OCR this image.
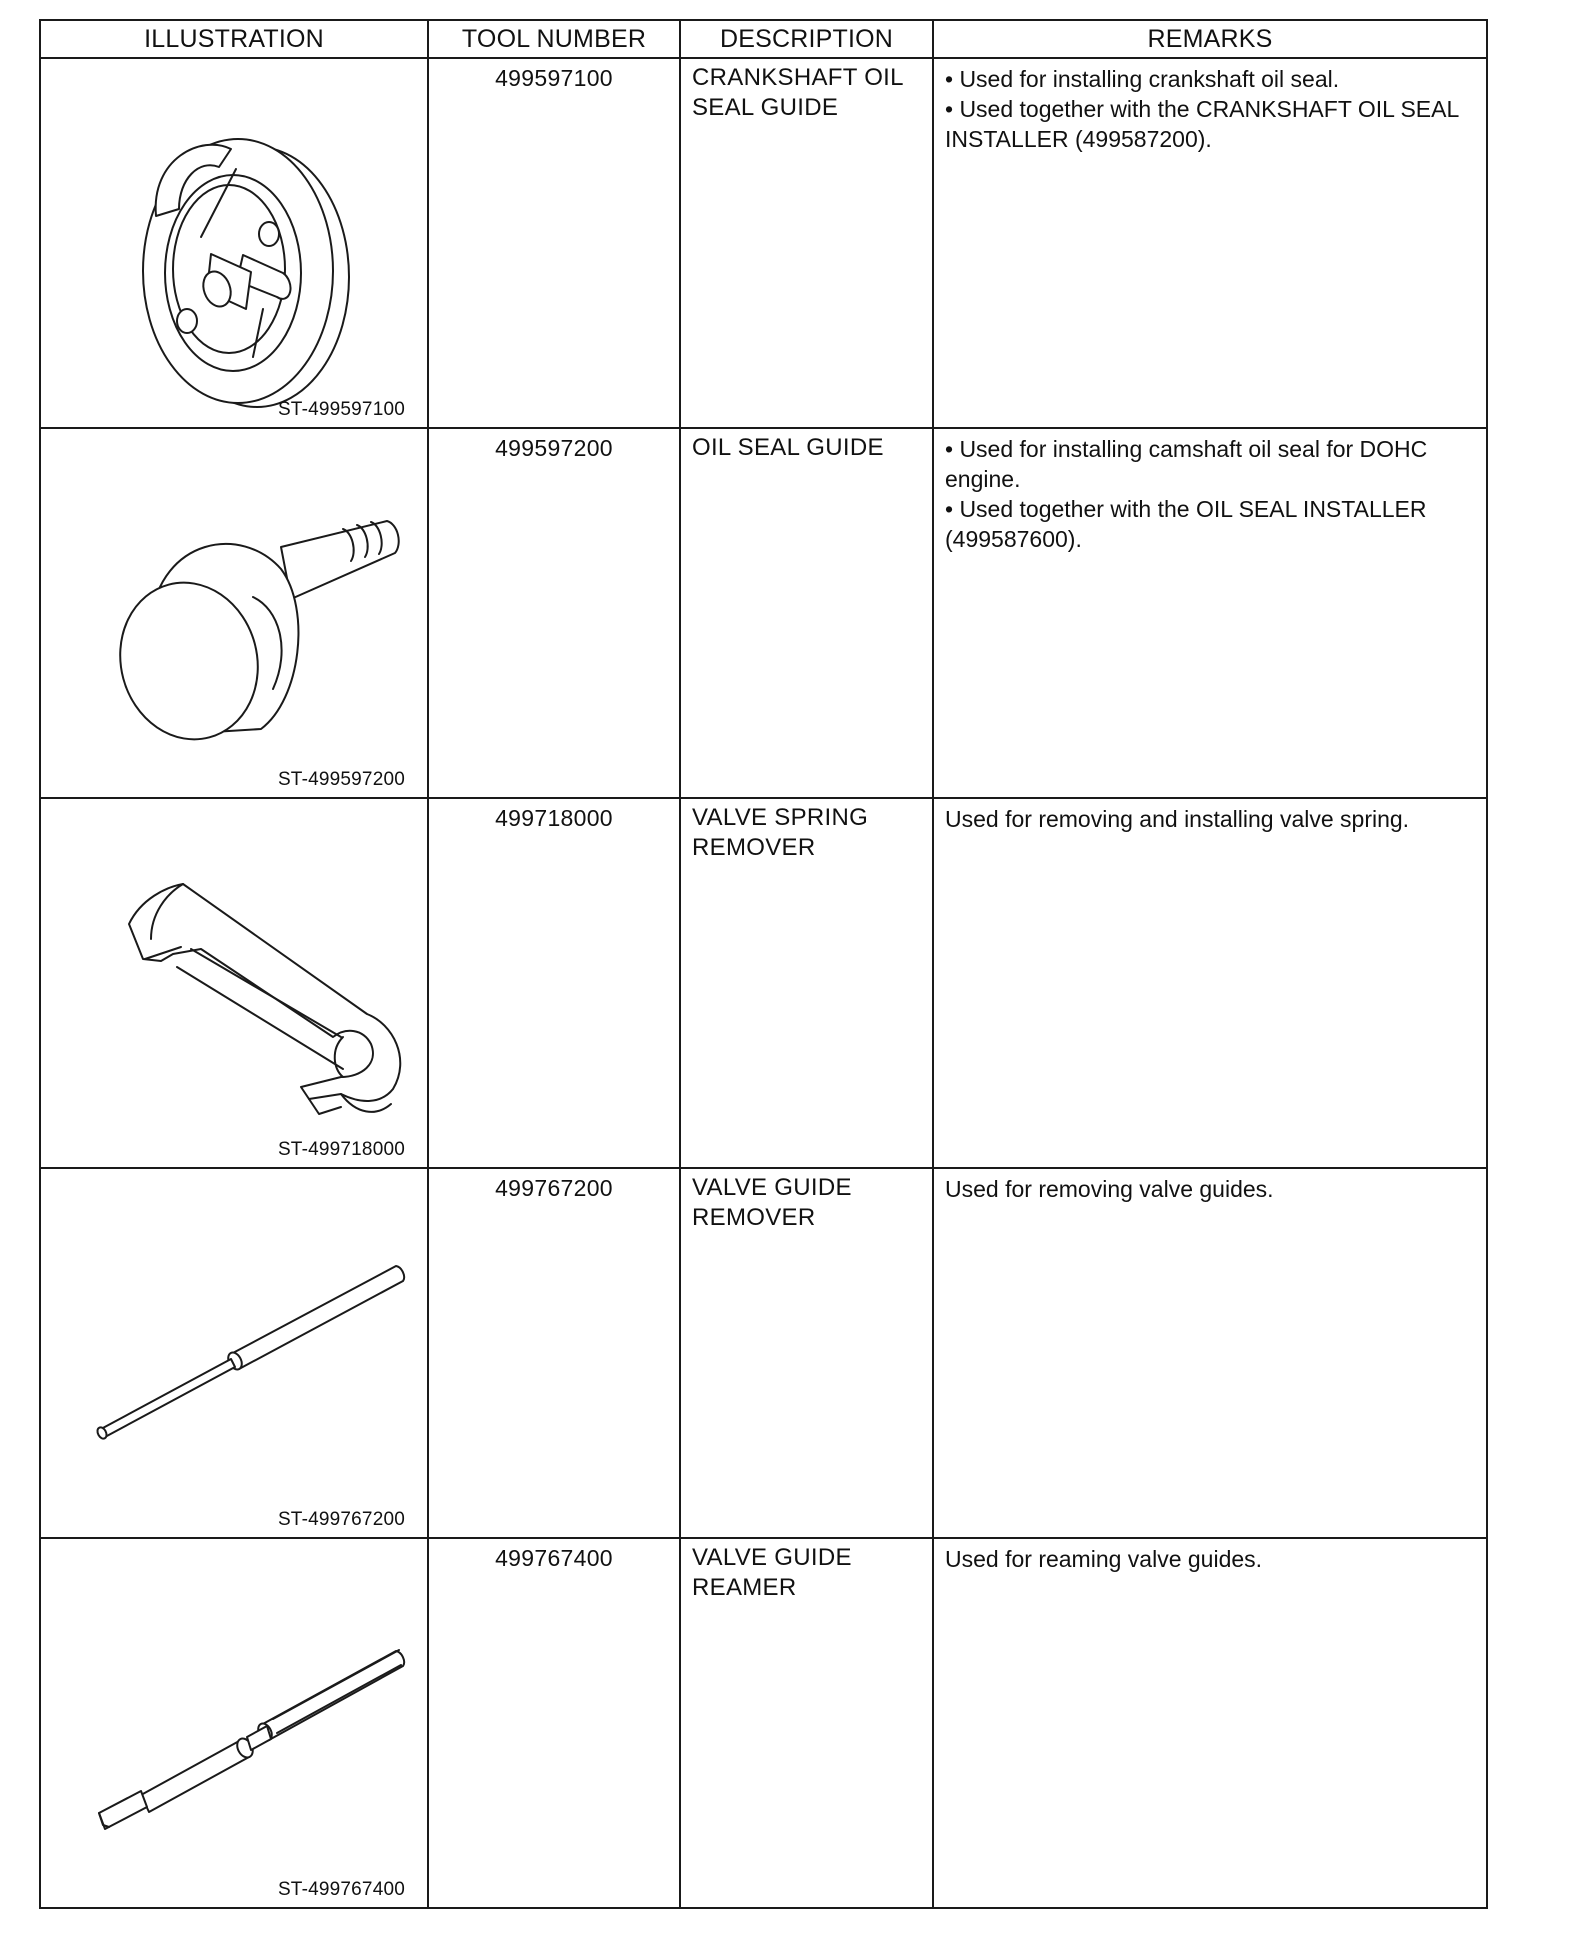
ILLUSTRATION	TOOL NUMBER	DESCRIPTION	REMARKS

ST-499597100	499597100	CRANKSHAFT OIL SEAL GUIDE	• Used for installing crankshaft oil seal.
• Used together with the CRANKSHAFT OIL SEAL INSTALLER (499587200).

ST-499597200	499597200	OIL SEAL GUIDE	• Used for installing camshaft oil seal for DOHC engine.
• Used together with the OIL SEAL INSTALLER (499587600).

ST-499718000	499718000	VALVE SPRING REMOVER	Used for removing and installing valve spring.

ST-499767200	499767200	VALVE GUIDE REMOVER	Used for removing valve guides.

ST-499767400	499767400	VALVE GUIDE REAMER	Used for reaming valve guides.
